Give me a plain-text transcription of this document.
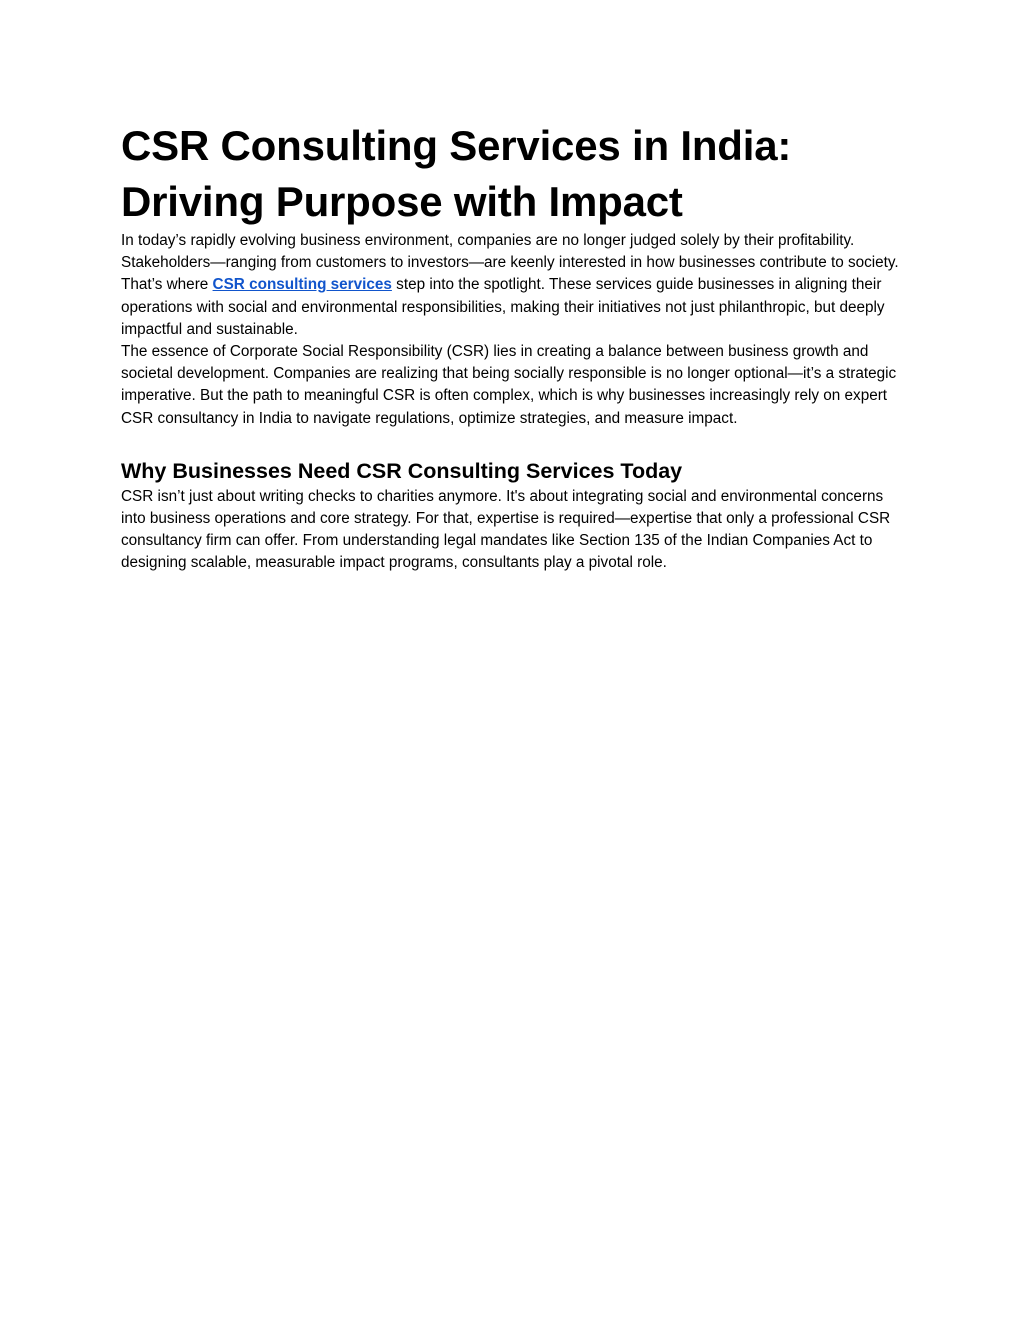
CSR Consulting Services in India:
Driving Purpose with Impact

In today’s rapidly evolving business environment, companies are no longer judged solely by their profitability. Stakeholders—ranging from customers to investors—are keenly interested in how businesses contribute to society. That’s where CSR consulting services step into the spotlight. These services guide businesses in aligning their operations with social and environmental responsibilities, making their initiatives not just philanthropic, but deeply impactful and sustainable.

The essence of Corporate Social Responsibility (CSR) lies in creating a balance between business growth and societal development. Companies are realizing that being socially responsible is no longer optional—it’s a strategic imperative. But the path to meaningful CSR is often complex, which is why businesses increasingly rely on expert CSR consultancy in India to navigate regulations, optimize strategies, and measure impact.

Why Businesses Need CSR Consulting Services Today

CSR isn’t just about writing checks to charities anymore. It's about integrating social and environmental concerns into business operations and core strategy. For that, expertise is required—expertise that only a professional CSR consultancy firm can offer. From understanding legal mandates like Section 135 of the Indian Companies Act to designing scalable, measurable impact programs, consultants play a pivotal role.
